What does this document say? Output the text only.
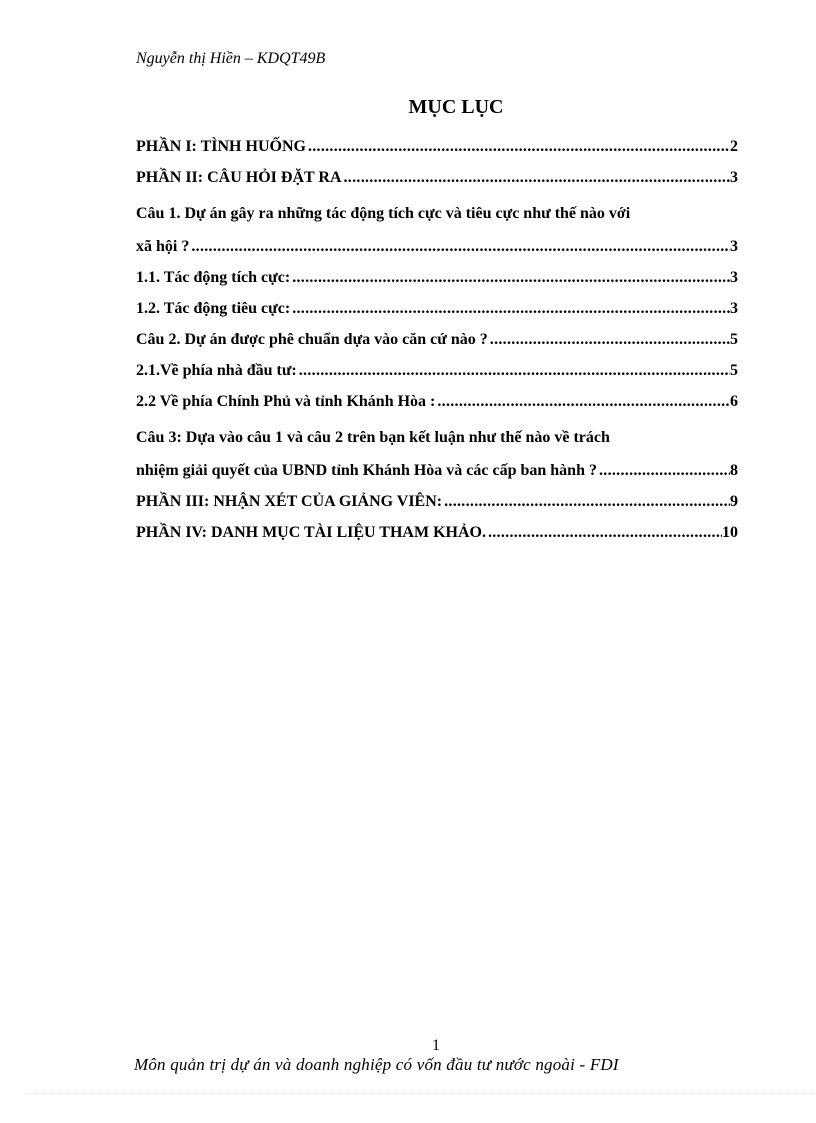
Nguyễn thị Hiền – KDQT49B
MỤC LỤC
PHẦN I: TÌNH HUỐNG .....	2
PHẦN II: CÂU HỎI ĐẶT RA .....	3
Câu 1. Dự án gây ra những tác động tích cực và tiêu cực như thế nào với
xã hội ? .....	3
1.1. Tác động tích cực: .....	3
1.2. Tác động tiêu cực: .....	3
Câu 2. Dự án được phê chuẩn dựa vào căn cứ nào ? .....	5
2.1.Về phía nhà đầu tư: .....	5
2.2 Về phía Chính Phủ và tỉnh Khánh Hòa : .....	6
Câu 3: Dựa vào câu 1 và câu 2 trên bạn kết luận như thế nào về trách
nhiệm giải quyết của UBND tỉnh Khánh Hòa và các cấp ban hành ? .....	8
PHẦN III: NHẬN XÉT CỦA GIẢNG VIÊN: .....	9
PHẦN IV: DANH MỤC TÀI LIỆU THAM KHẢO. .....	10
1
Môn quản trị dự án và doanh nghiệp có vốn đầu tư nước ngoài - FDI
